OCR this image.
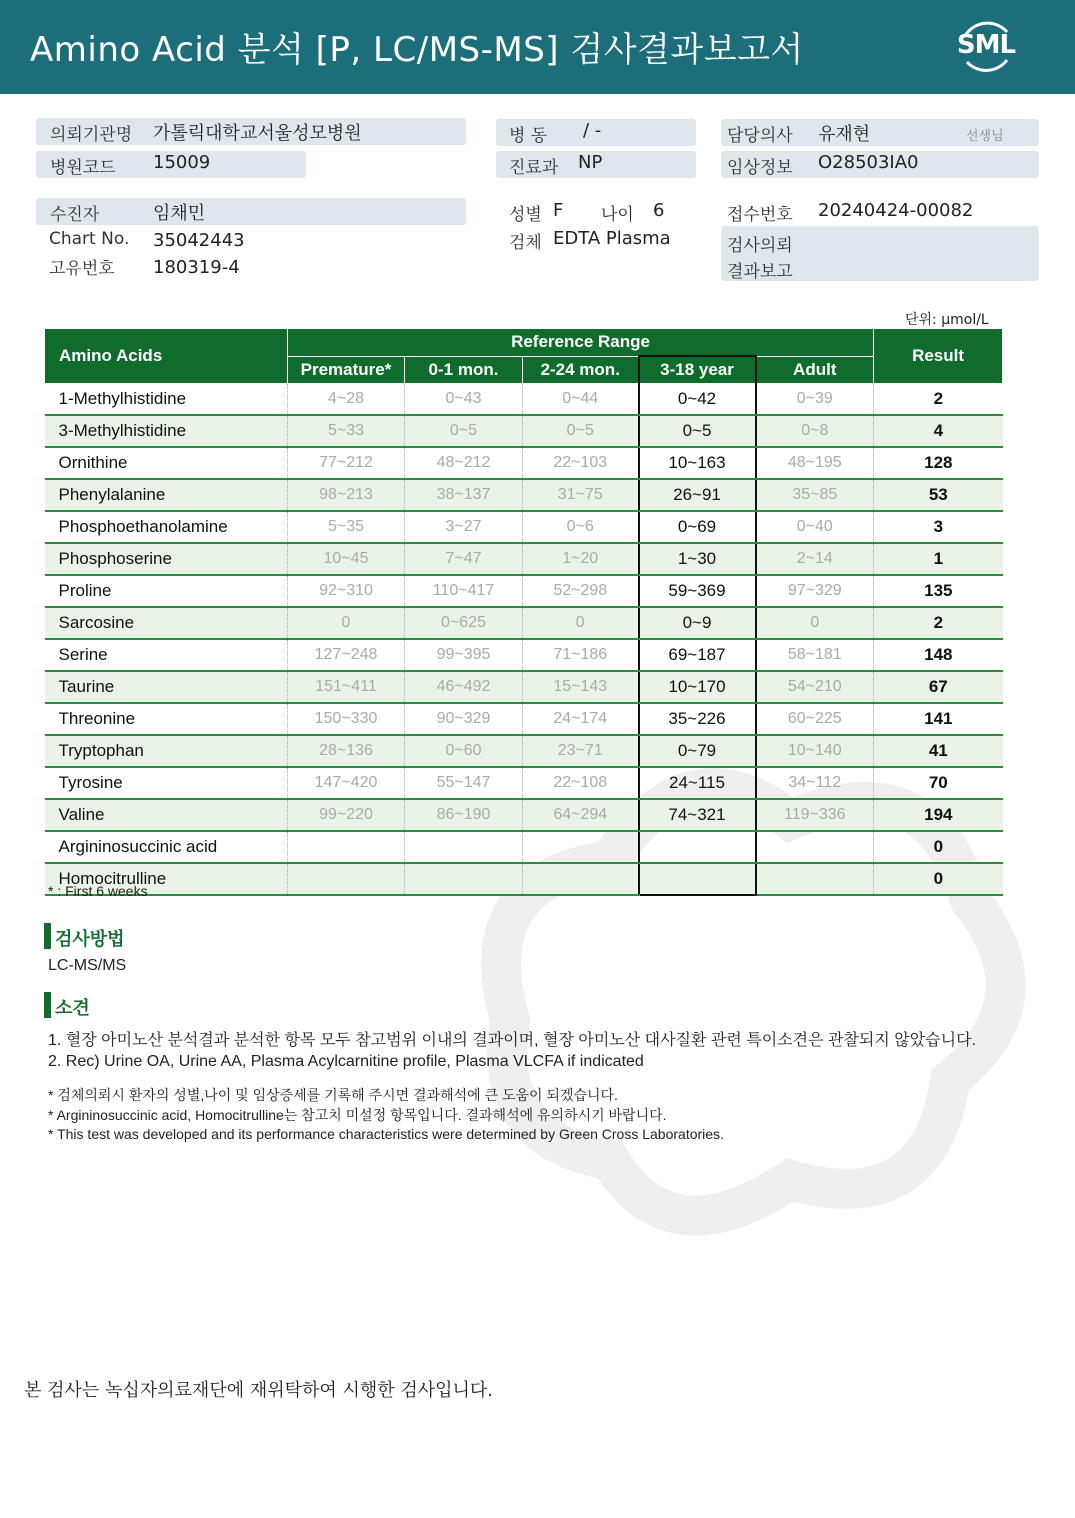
Amino Acid 분석 [P, LC/MS-MS] 검사결과보고서	SML
의뢰기관명 가톨릭대학교서울성모병원
병원코드 15009
병 동 / -
진료과 NP
담당의사 유재현	선생님
임상정보 O28503IA0
수진자	임채민
Chart No. 35042443
고유번호 180319-4
성별 F 나이 6
검체 EDTA Plasma
접수번호 20240424-00082
검사의뢰
결과보고
단위: μmol/L
Amino Acids	Reference Range					Result
	Premature*	0-1 mon.	2-24 mon.	3-18 year	Adult	
1-Methylhistidine	4~28	0~43	0~44	0~42	0~39	2
3-Methylhistidine	5~33	0~5	0~5	0~5	0~8	4
Ornithine	77~212	48~212	22~103	10~163	48~195	128
Phenylalanine	98~213	38~137	31~75	26~91	35~85	53
Phosphoethanolamine	5~35	3~27	0~6	0~69	0~40	3
Phosphoserine	10~45	7~47	1~20	1~30	2~14	1
Proline	92~310	110~417	52~298	59~369	97~329	135
Sarcosine	0	0~625	0	0~9	0	2
Serine	127~248	99~395	71~186	69~187	58~181	148
Taurine	151~411	46~492	15~143	10~170	54~210	67
Threonine	150~330	90~329	24~174	35~226	60~225	141
Tryptophan	28~136	0~60	23~71	0~79	10~140	41
Tyrosine	147~420	55~147	22~108	24~115	34~112	70
Valine	99~220	86~190	64~294	74~321	119~336	194
Argininosuccinic acid						0
Homocitrulline						0
* : First 6 weeks
검사방법
LC-MS/MS
소견
1. 혈장 아미노산 분석결과 분석한 항목 모두 참고범위 이내의 결과이며, 혈장 아미노산 대사질환 관련 특이소견은 관찰되지 않았습니다.
2. Rec) Urine OA, Urine AA, Plasma Acylcarnitine profile, Plasma VLCFA if indicated
* 검체의뢰시 환자의 성별,나이 및 임상증세를 기록해 주시면 결과해석에 큰 도움이 되겠습니다.
* Argininosuccinic acid, Homocitrulline는 참고치 미설정 항목입니다. 결과해석에 유의하시기 바랍니다.
* This test was developed and its performance characteristics were determined by Green Cross Laboratories.
본 검사는 녹십자의료재단에 재위탁하여 시행한 검사입니다.
